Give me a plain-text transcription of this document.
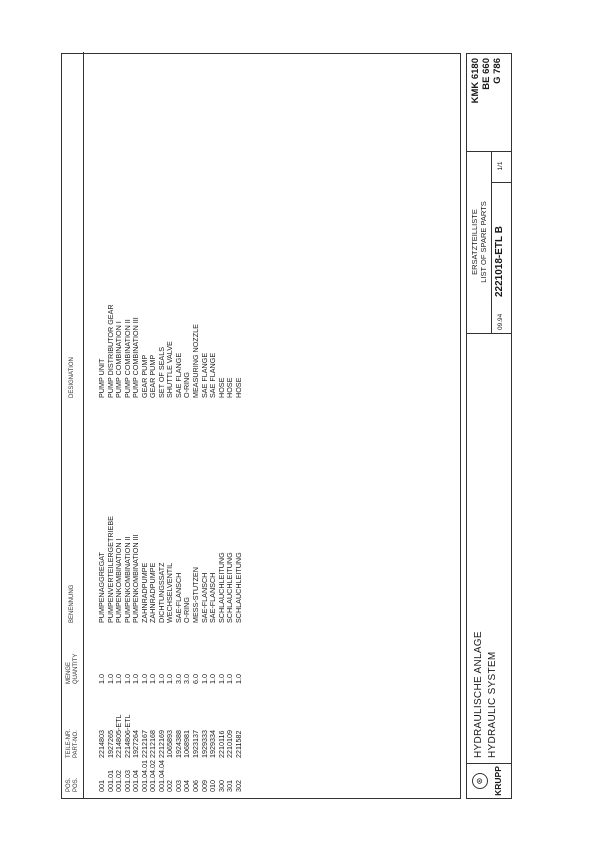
POS. POS.
TEILE-NR. PART-NO.
MENGE QUANTITY
BENENNUNG
DESIGNATION
001 001.01 001.02 001.03 001.04 001.04.01 001.04.02 001.04.04 002 003 004 006 009 010 300 301 302
2214803 1927265 2214805-ETL 2214806-ETL 1927264 2212167 2212168 2212169 1065893 1924388 1068981 1923137 1929333 1929334 2210116 2210109 2211582
1.0 1.0 1.0 1.0 1.0 1.0 1.0 1.0 1.0 3.0 3.0 6.0 1.0 1.0 1.0 1.0 1.0
PUMPENAGGREGAT PUMPENVERTEILERGETRIEBE PUMPENKOMBINATION I PUMPENKOMBINATION II PUMPENKOMBINATION III ZAHNRADPUMPE ZAHNRADPUMPE DICHTUNGSSATZ WECHSELVENTIL SAE-FLANSCH O-RING MESS-STUTZEN SAE-FLANSCH SAE-FLANSCH SCHLAUCHLEITUNG SCHLAUCHLEITUNG SCHLAUCHLEITUNG
PUMP UNIT PUMP DISTRIBUTOR GEAR PUMP COMBINATION I PUMP COMBINATION II PUMP COMBINATION III GEAR PUMP GEAR PUMP SET OF SEALS SHUTTLE VALVE SAE FLANGE O-RING MEASURING NOZZLE SAE FLANGE SAE FLANGE HOSE HOSE HOSE
⊛	KRUPP
HYDRAULISCHE ANLAGE HYDRAULIC SYSTEM
ERSATZTEILLISTE LIST OF SPARE PARTS
09.94
2221018-ETL B
1/1
KMK 6180 BE 660 G 786
